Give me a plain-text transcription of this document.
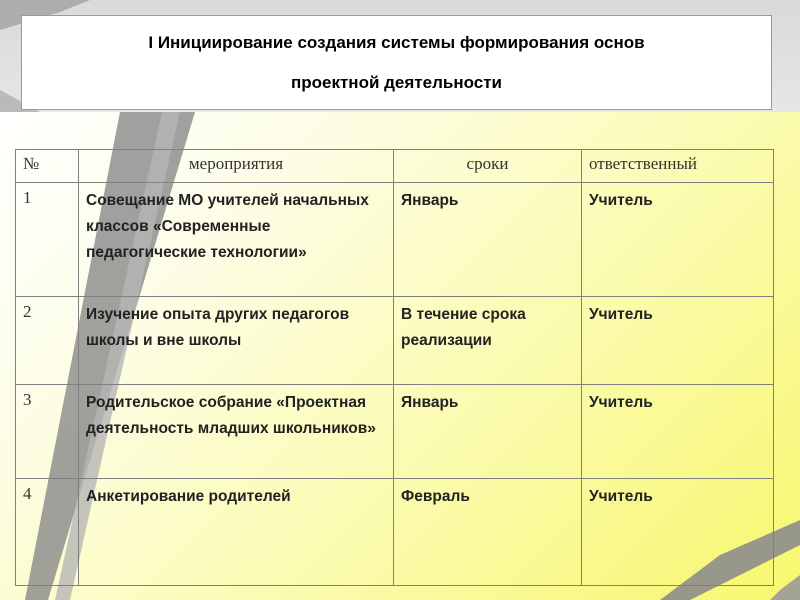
I Инициирование создания системы формирования основ
проектной деятельности
№	мероприятия	сроки	ответственный
1	Совещание МО учителей начальных классов «Современные педагогические технологии»	Январь	Учитель
2	Изучение опыта других педагогов школы и вне школы	В течение срока реализации	Учитель
3	Родительское собрание «Проектная деятельность младших школьников»	Январь	Учитель
4	Анкетирование родителей	Февраль	Учитель
